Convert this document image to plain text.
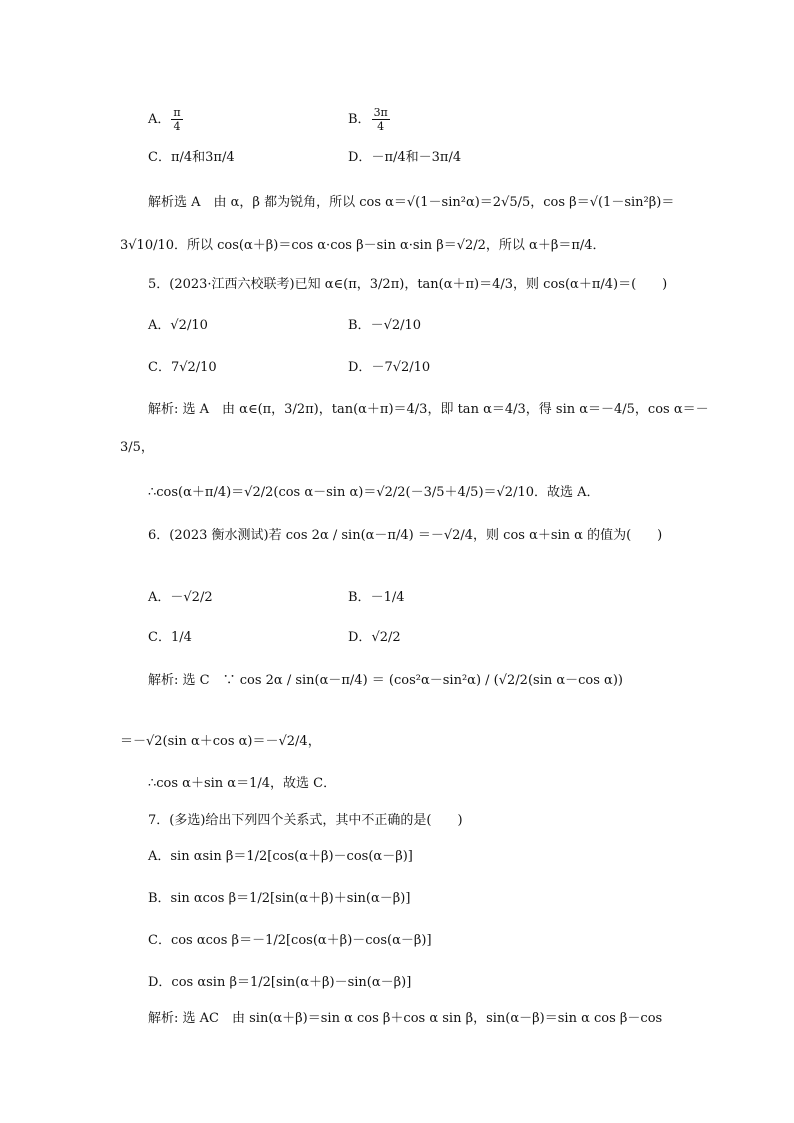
A． $\frac{\pi}{4}$	B． $\frac{3\pi}{4}$
C．π/4和3π/4	D．－π/4和－3π/4
解析选 A　由 α，β 都为锐角，所以 cos α＝√(1－sin²α)＝2√5/5，cos β＝√(1－sin²β)＝
3√10/10．所以 cos(α＋β)＝cos α·cos β－sin α·sin β＝√2/2，所以 α＋β＝π/4．
5．(2023·江西六校联考)已知 α∈(π，3/2π)，tan(α＋π)＝4/3，则 cos(α＋π/4)＝(　　)
A．√2/10	B．－√2/10
C．7√2/10	D．－7√2/10
解析: 选 A　由 α∈(π，3/2π)，tan(α＋π)＝4/3，即 tan α＝4/3，得 sin α＝－4/5，cos α＝－
3/5，
∴cos(α＋π/4)＝√2/2(cos α－sin α)＝√2/2(－3/5＋4/5)＝√2/10．故选 A．
6．(2023 衡水测试)若 cos 2α / sin(α－π/4) ＝－√2/4，则 cos α＋sin α 的值为(　　)
A．－√2/2	B．－1/4
C．1/4	D．√2/2
解析: 选 C　∵ cos 2α / sin(α－π/4) ＝ (cos²α－sin²α) / (√2/2(sin α－cos α))
＝－√2(sin α＋cos α)＝－√2/4，
∴cos α＋sin α＝1/4，故选 C．
7．(多选)给出下列四个关系式，其中不正确的是(　　)
A．sin αsin β＝1/2[cos(α＋β)－cos(α－β)]
B．sin αcos β＝1/2[sin(α＋β)＋sin(α－β)]
C．cos αcos β＝－1/2[cos(α＋β)－cos(α－β)]
D．cos αsin β＝1/2[sin(α＋β)－sin(α－β)]
解析: 选 AC　由 sin(α＋β)＝sin α cos β＋cos α sin β，sin(α－β)＝sin α cos β－cos
